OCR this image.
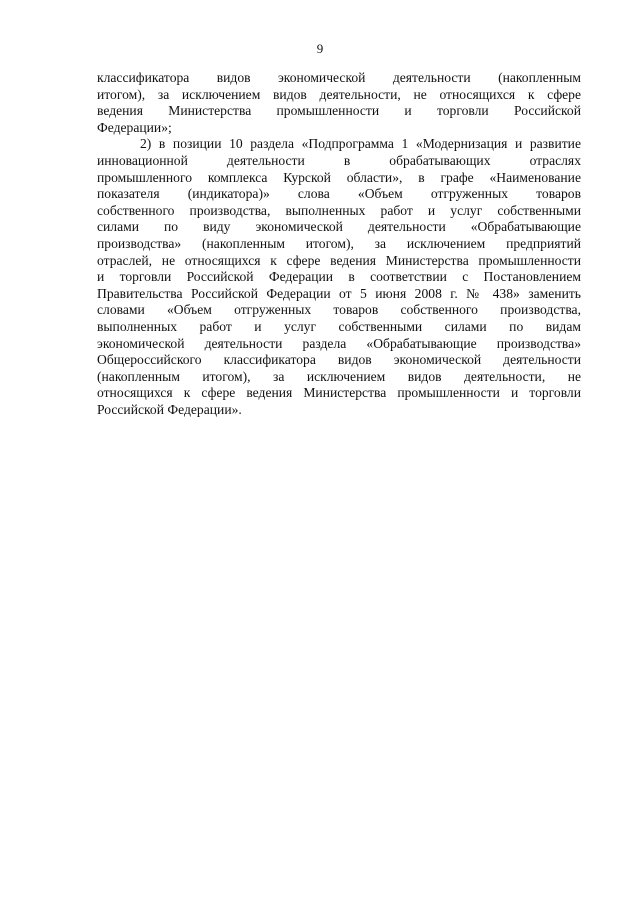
9
классификатора видов экономической деятельности (накопленным
итогом), за исключением видов деятельности, не относящихся к сфере
ведения Министерства промышленности и торговли Российской
Федерации»;
2) в позиции 10 раздела «Подпрограмма 1 «Модернизация и развитие
инновационной деятельности в обрабатывающих отраслях
промышленного комплекса Курской области», в графе «Наименование
показателя (индикатора)» слова «Объем отгруженных товаров
собственного производства, выполненных работ и услуг собственными
силами по виду экономической деятельности «Обрабатывающие
производства» (накопленным итогом), за исключением предприятий
отраслей, не относящихся к сфере ведения Министерства промышленности
и торговли Российской Федерации в соответствии с Постановлением
Правительства Российской Федерации от 5 июня 2008 г. № 438» заменить
словами «Объем отгруженных товаров собственного производства,
выполненных работ и услуг собственными силами по видам
экономической деятельности раздела «Обрабатывающие производства»
Общероссийского классификатора видов экономической деятельности
(накопленным итогом), за исключением видов деятельности, не
относящихся к сфере ведения Министерства промышленности и торговли
Российской Федерации».
